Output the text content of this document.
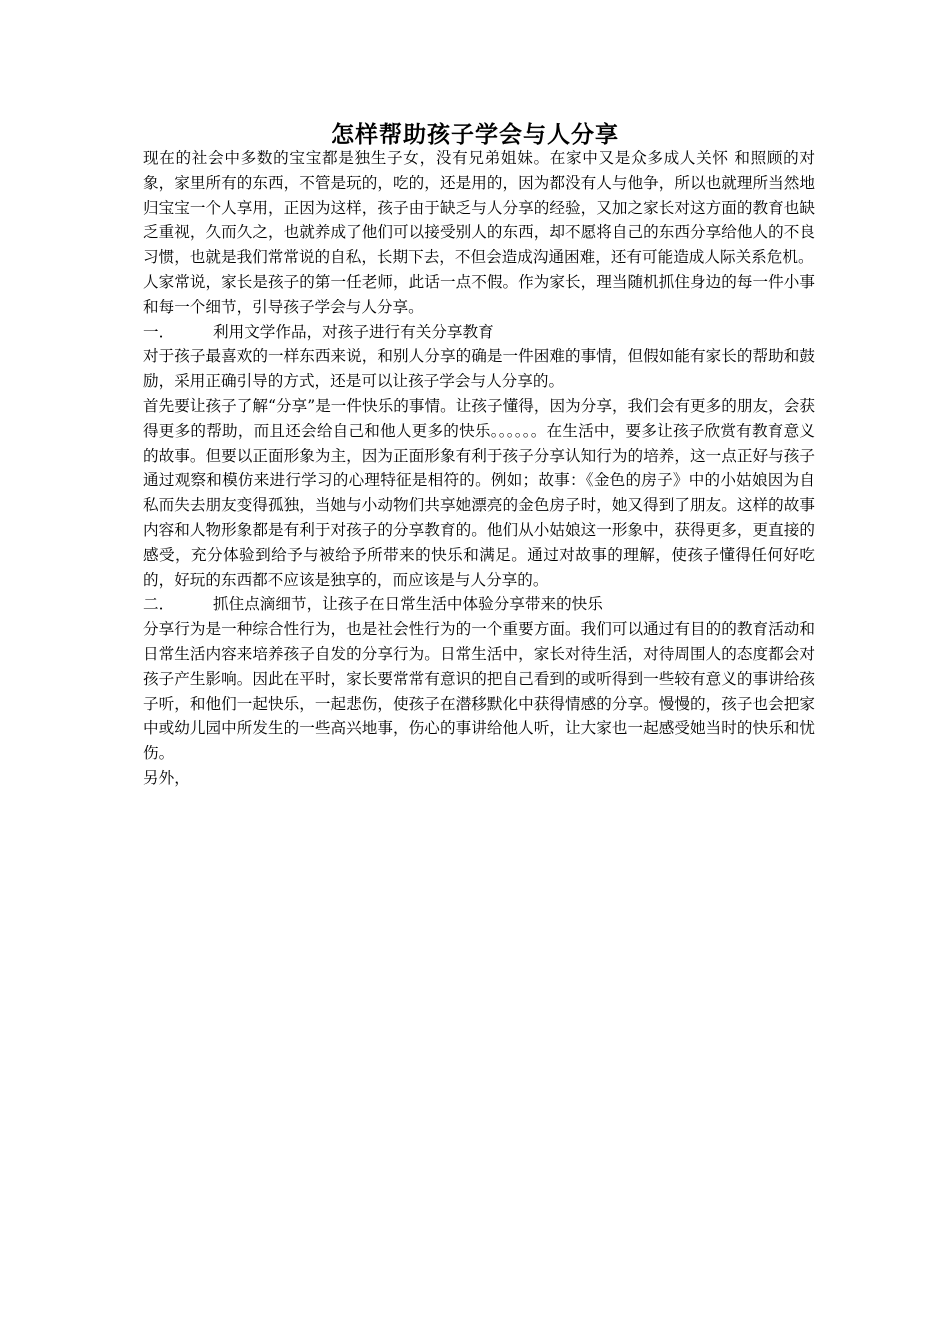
怎样帮助孩子学会与人分享

现在的社会中多数的宝宝都是独生子女，没有兄弟姐妹。在家中又是众多成人关怀 和照顾的对象，家里所有的东西，不管是玩的，吃的，还是用的，因为都没有人与他争，所以也就理所当然地归宝宝一个人享用，正因为这样，孩子由于缺乏与人分享的经验，又加之家长对这方面的教育也缺乏重视，久而久之，也就养成了他们可以接受别人的东西，却不愿将自己的东西分享给他人的不良习惯，也就是我们常常说的自私，长期下去，不但会造成沟通困难，还有可能造成人际关系危机。

人家常说，家长是孩子的第一任老师，此话一点不假。作为家长，理当随机抓住身边的每一件小事和每一个细节，引导孩子学会与人分享。

一．	利用文学作品，对孩子进行有关分享教育

对于孩子最喜欢的一样东西来说，和别人分享的确是一件困难的事情，但假如能有家长的帮助和鼓励，采用正确引导的方式，还是可以让孩子学会与人分享的。

首先要让孩子了解“分享”是一件快乐的事情。让孩子懂得，因为分享，我们会有更多的朋友，会获得更多的帮助，而且还会给自己和他人更多的快乐。。。。。。在生活中，要多让孩子欣赏有教育意义的故事。但要以正面形象为主，因为正面形象有利于孩子分享认知行为的培养，这一点正好与孩子通过观察和模仿来进行学习的心理特征是相符的。例如；故事：《金色的房子》中的小姑娘因为自私而失去朋友变得孤独，当她与小动物们共享她漂亮的金色房子时，她又得到了朋友。这样的故事内容和人物形象都是有利于对孩子的分享教育的。他们从小姑娘这一形象中，获得更多，更直接的感受，充分体验到给予与被给予所带来的快乐和满足。通过对故事的理解，使孩子懂得任何好吃的，好玩的东西都不应该是独享的，而应该是与人分享的。

二．	抓住点滴细节，让孩子在日常生活中体验分享带来的快乐

分享行为是一种综合性行为，也是社会性行为的一个重要方面。我们可以通过有目的的教育活动和日常生活内容来培养孩子自发的分享行为。日常生活中，家长对待生活，对待周围人的态度都会对孩子产生影响。因此在平时，家长要常常有意识的把自己看到的或听得到一些较有意义的事讲给孩子听，和他们一起快乐，一起悲伤，使孩子在潜移默化中获得情感的分享。慢慢的，孩子也会把家中或幼儿园中所发生的一些高兴地事，伤心的事讲给他人听，让大家也一起感受她当时的快乐和忧伤。

另外，
